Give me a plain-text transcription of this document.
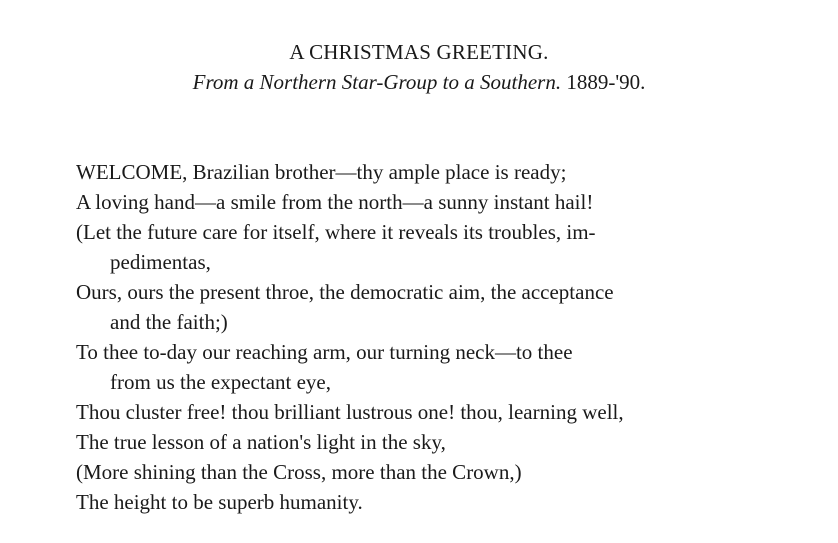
A CHRISTMAS GREETING.
From a Northern Star-Group to a Southern. 1889-'90.
WELCOME, Brazilian brother—thy ample place is ready;
A loving hand—a smile from the north—a sunny instant hail!
(Let the future care for itself, where it reveals its troubles, im-
pedimentas,
Ours, ours the present throe, the democratic aim, the acceptance
and the faith;)
To thee to-day our reaching arm, our turning neck—to thee
from us the expectant eye,
Thou cluster free! thou brilliant lustrous one! thou, learning well,
The true lesson of a nation's light in the sky,
(More shining than the Cross, more than the Crown,)
The height to be superb humanity.
